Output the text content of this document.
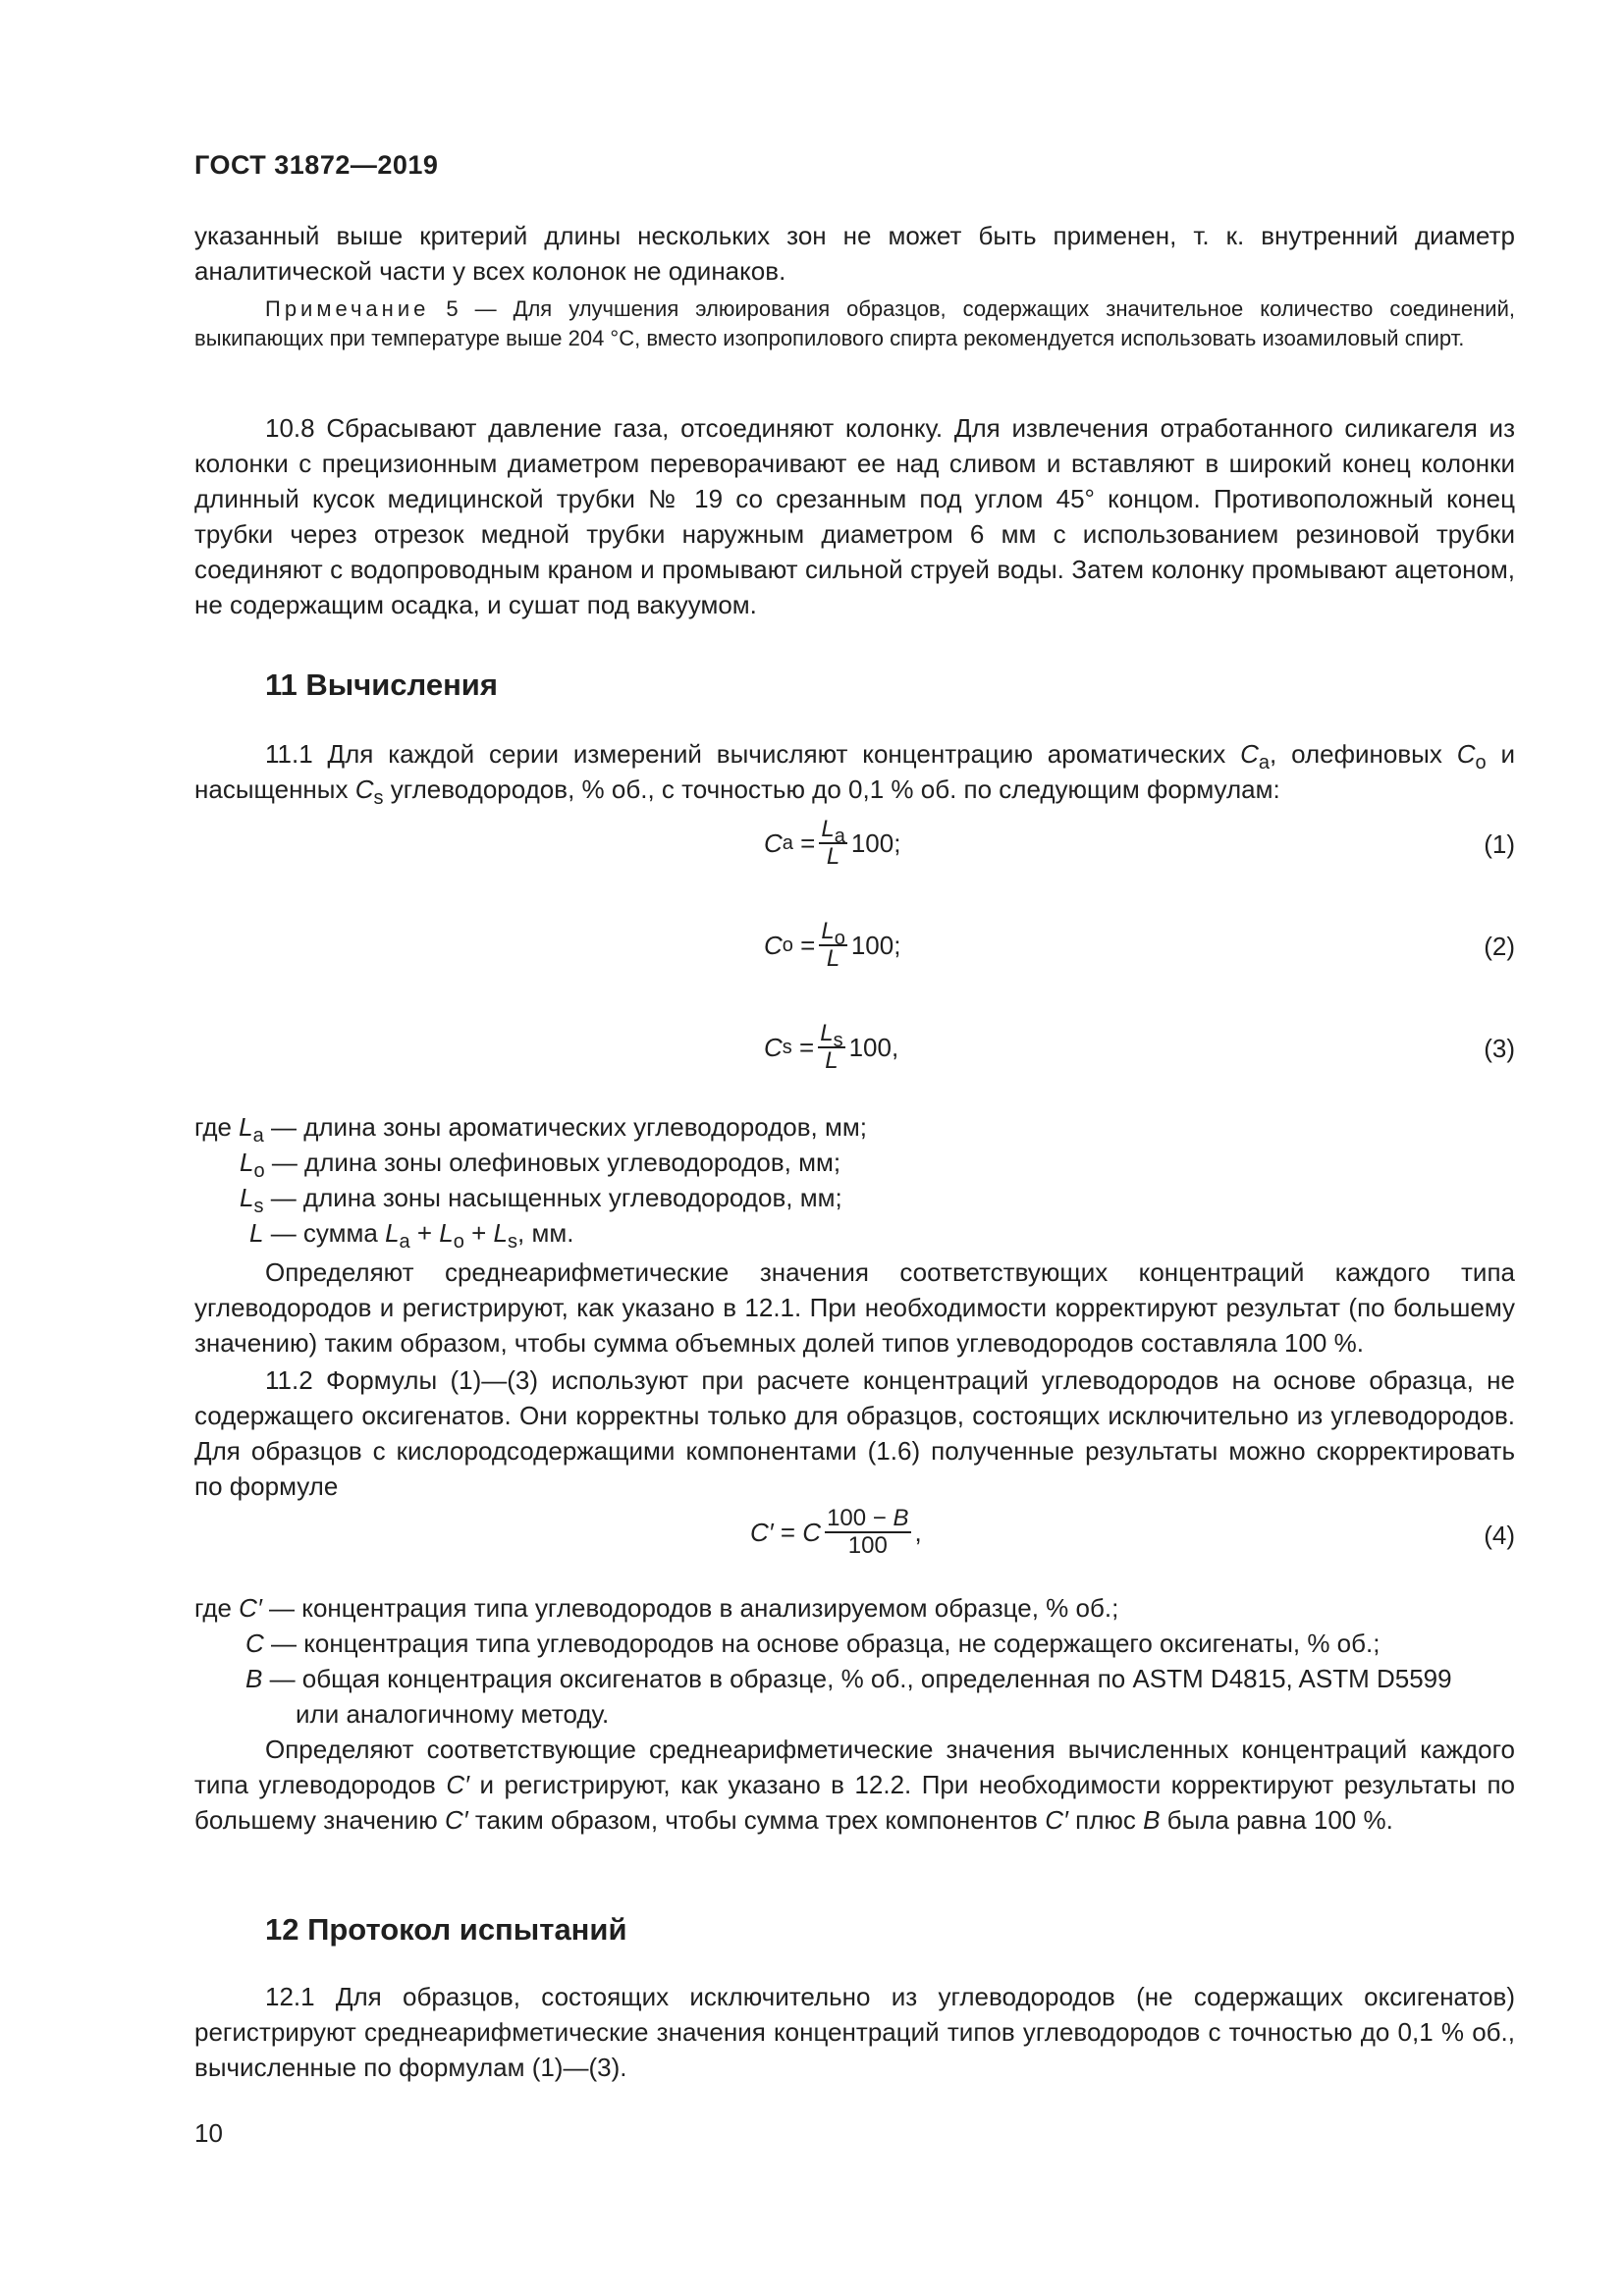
ГОСТ 31872—2019

указанный выше критерий длины нескольких зон не может быть применен, т. к. внутренний диаметр аналитической части у всех колонок не одинаков.

Примечание 5 — Для улучшения элюирования образцов, содержащих значительное количество соединений, выкипающих при температуре выше 204 °С, вместо изопропилового спирта рекомендуется использовать изоамиловый спирт.

10.8 Сбрасывают давление газа, отсоединяют колонку. Для извлечения отработанного силикагеля из колонки с прецизионным диаметром переворачивают ее над сливом и вставляют в широкий конец колонки длинный кусок медицинской трубки № 19 со срезанным под углом 45° концом. Противоположный конец трубки через отрезок медной трубки наружным диаметром 6 мм с использованием резиновой трубки соединяют с водопроводным краном и промывают сильной струей воды. Затем колонку промывают ацетоном, не содержащим осадка, и сушат под вакуумом.

11 Вычисления

11.1 Для каждой серии измерений вычисляют концентрацию ароматических $C_a$, олефиновых $C_o$ и насыщенных $C_s$ углеводородов, % об., с точностью до 0,1 % об. по следующим формулам:

C $a = \frac{L_a}{L} 100$;	(1)
C $o = \frac{L_o}{L} 100$;	(2)
C $s = \frac{L_s}{L} 100$,	(3)

где $L_a$ — длина зоны ароматических углеводородов, мм;

$L_o$ — длина зоны олефиновых углеводородов, мм;

$L_s$ — длина зоны насыщенных углеводородов, мм;

L — сумма $L_a + L_o + L_s$, мм.

Определяют среднеарифметические значения соответствующих концентраций каждого типа углеводородов и регистрируют, как указано в 12.1. При необходимости корректируют результат (по большему значению) таким образом, чтобы сумма объемных долей типов углеводородов составляла 100 %.

11.2 Формулы (1)—(3) используют при расчете концентраций углеводородов на основе образца, не содержащего оксигенатов. Они корректны только для образцов, состоящих исключительно из углеводородов. Для образцов с кислородсодержащими компонентами (1.6) полученные результаты можно скорректировать по формуле

C′ = C $\frac{100 - B}{100}$ ,	(4)

где C′ — концентрация типа углеводородов в анализируемом образце, % об.;

C — концентрация типа углеводородов на основе образца, не содержащего оксигенаты, % об.;

B — общая концентрация оксигенатов в образце, % об., определенная по ASTM D4815, ASTM D5599

или аналогичному методу.

Определяют соответствующие среднеарифметические значения вычисленных концентраций каждого типа углеводородов C′ и регистрируют, как указано в 12.2. При необходимости корректируют результаты по большему значению C′ таким образом, чтобы сумма трех компонентов C′ плюс B была равна 100 %.

12 Протокол испытаний

12.1 Для образцов, состоящих исключительно из углеводородов (не содержащих оксигенатов) регистрируют среднеарифметические значения концентраций типов углеводородов с точностью до 0,1 % об., вычисленные по формулам (1)—(3).

10
